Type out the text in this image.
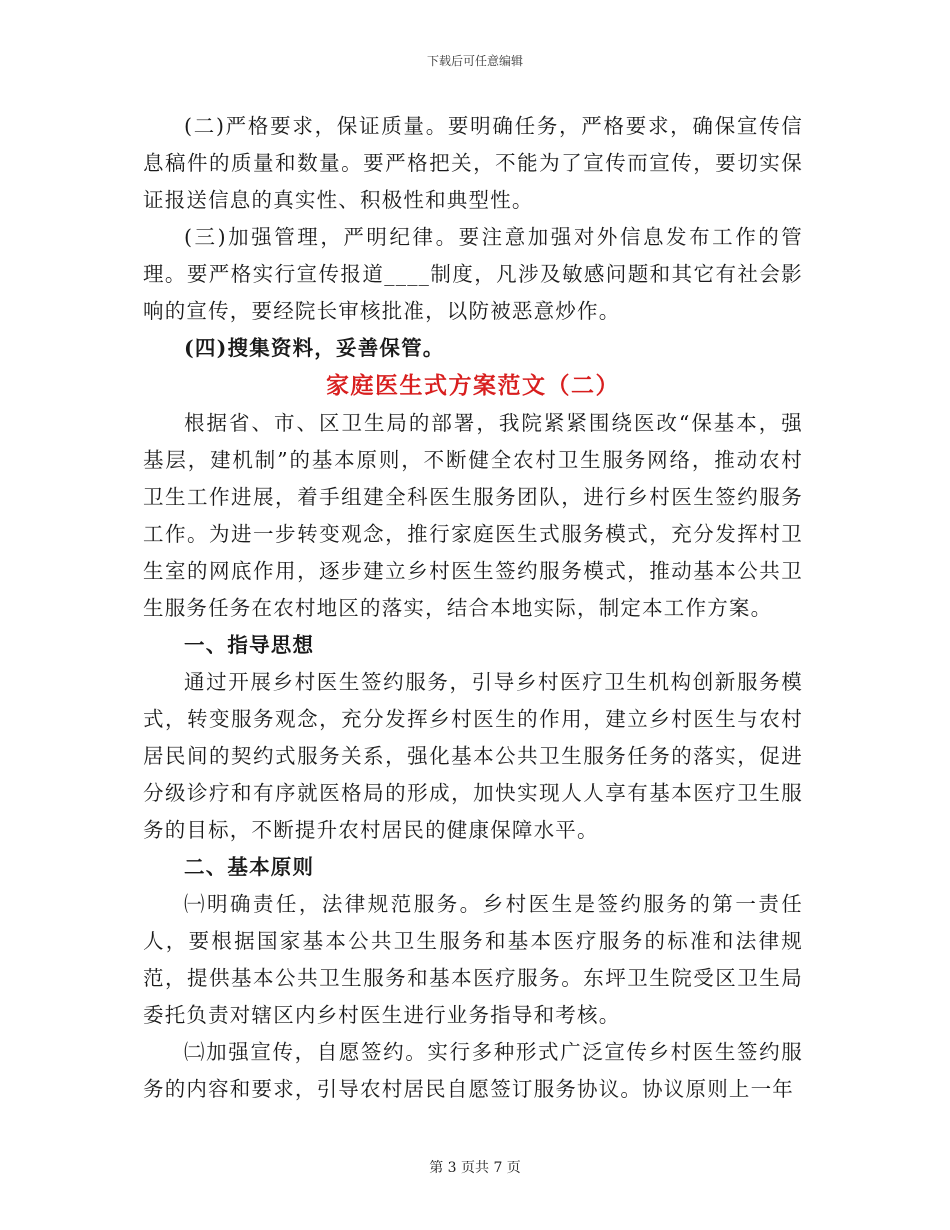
下载后可任意编辑

(二)严格要求，保证质量。要明确任务，严格要求，确保宣传信息稿件的质量和数量。要严格把关，不能为了宣传而宣传，要切实保证报送信息的真实性、积极性和典型性。

(三)加强管理，严明纪律。要注意加强对外信息发布工作的管理。要严格实行宣传报道____制度，凡涉及敏感问题和其它有社会影响的宣传，要经院长审核批准，以防被恶意炒作。

(四)搜集资料，妥善保管。

家庭医生式方案范文（二）

根据省、市、区卫生局的部署，我院紧紧围绕医改“保基本，强基层，建机制”的基本原则，不断健全农村卫生服务网络，推动农村卫生工作进展，着手组建全科医生服务团队，进行乡村医生签约服务工作。为进一步转变观念，推行家庭医生式服务模式，充分发挥村卫生室的网底作用，逐步建立乡村医生签约服务模式，推动基本公共卫生服务任务在农村地区的落实，结合本地实际，制定本工作方案。

一、指导思想

通过开展乡村医生签约服务，引导乡村医疗卫生机构创新服务模式，转变服务观念，充分发挥乡村医生的作用，建立乡村医生与农村居民间的契约式服务关系，强化基本公共卫生服务任务的落实，促进分级诊疗和有序就医格局的形成，加快实现人人享有基本医疗卫生服务的目标，不断提升农村居民的健康保障水平。

二、基本原则

㈠明确责任，法律规范服务。乡村医生是签约服务的第一责任人，要根据国家基本公共卫生服务和基本医疗服务的标准和法律规范，提供基本公共卫生服务和基本医疗服务。东坪卫生院受区卫生局委托负责对辖区内乡村医生进行业务指导和考核。

㈡加强宣传，自愿签约。实行多种形式广泛宣传乡村医生签约服务的内容和要求，引导农村居民自愿签订服务协议。协议原则上一年

第 3 页共 7 页
